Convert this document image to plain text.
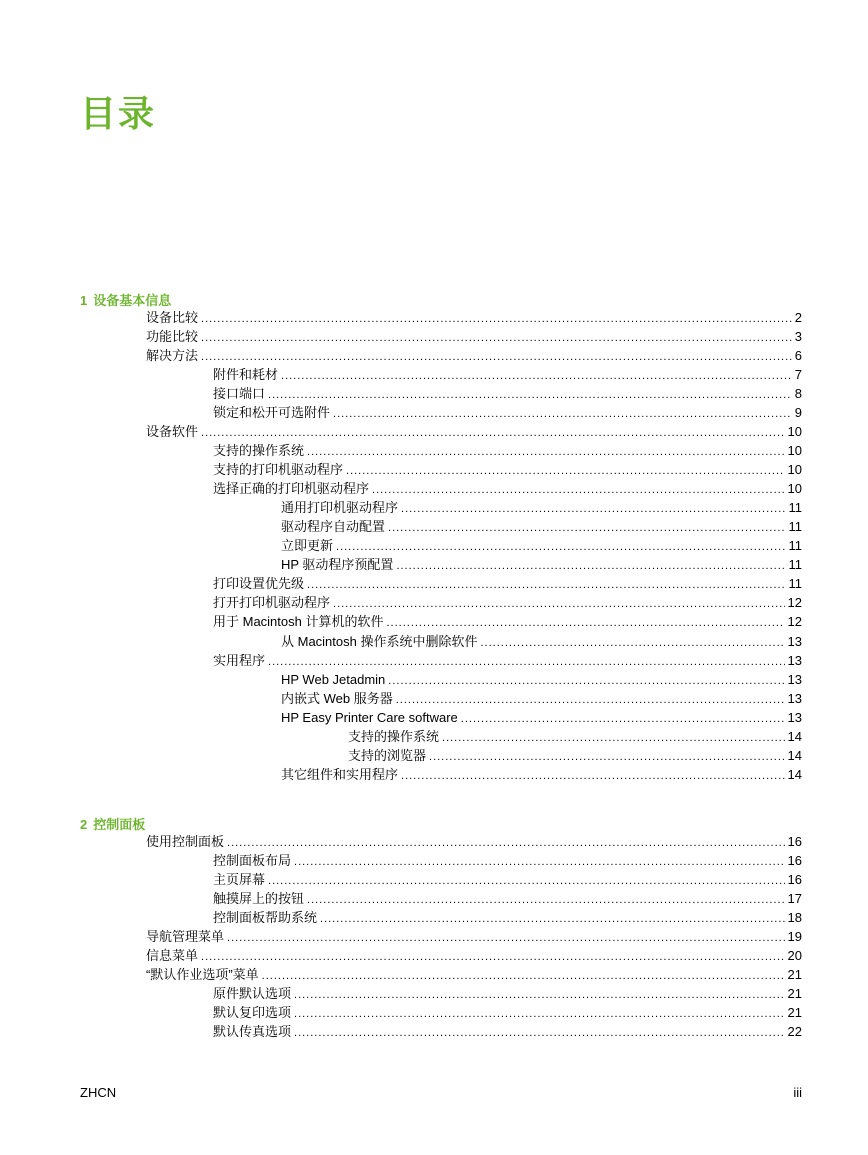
目录
1 设备基本信息
设备比较 .....	2
功能比较 .....	3
解决方法 .....	6
附件和耗材 .....	7
接口端口 .....	8
锁定和松开可选附件 .....	9
设备软件 .....	10
支持的操作系统 .....	10
支持的打印机驱动程序 .....	10
选择正确的打印机驱动程序 .....	10
通用打印机驱动程序 .....	11
驱动程序自动配置 .....	11
立即更新 .....	11
HP 驱动程序预配置 .....	11
打印设置优先级 .....	11
打开打印机驱动程序 .....	12
用于 Macintosh 计算机的软件 .....	12
从 Macintosh 操作系统中删除软件 .....	13
实用程序 .....	13
HP Web Jetadmin .....	13
内嵌式 Web 服务器 .....	13
HP Easy Printer Care software .....	13
支持的操作系统 .....	14
支持的浏览器 .....	14
其它组件和实用程序 .....	14
2 控制面板
使用控制面板 .....	16
控制面板布局 .....	16
主页屏幕 .....	16
触摸屏上的按钮 .....	17
控制面板帮助系统 .....	18
导航管理菜单 .....	19
信息菜单 .....	20
“默认作业选项”菜单 .....	21
原件默认选项 .....	21
默认复印选项 .....	21
默认传真选项 .....	22
ZHCN	iii
